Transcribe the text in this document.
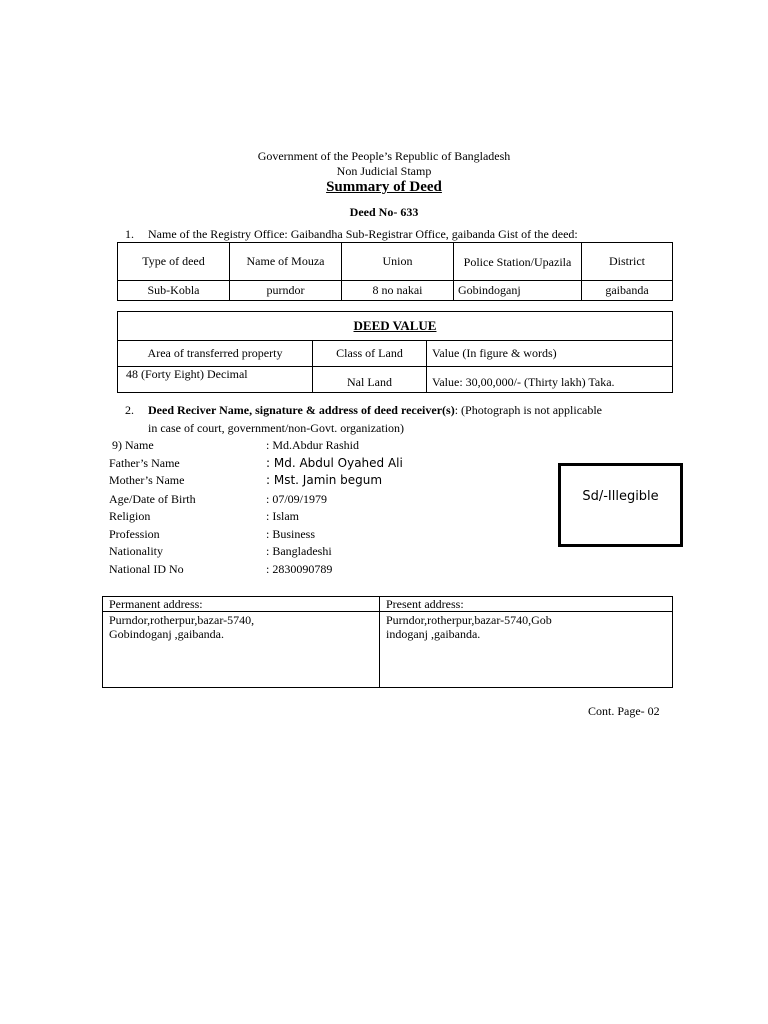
Government of the People’s Republic of Bangladesh
Non Judicial Stamp
Summary of Deed
Deed No- 633
1. Name of the Registry Office: Gaibandha Sub-Registrar Office, gaibanda Gist of the deed:
Type of deed	Name of Mouza	Union	Police Station/Upazila	District
Sub-Kobla	purndor	8 no nakai	Gobindoganj	gaibanda
DEED VALUE		
Area of transferred property	Class of Land	Value (In figure & words)
48 (Forty Eight) Decimal	Nal Land	Value: 30,00,000/- (Thirty lakh) Taka.
2. Deed Reciver Name, signature & address of deed receiver(s): (Photograph is not applicable
in case of court, government/non-Govt. organization)
9) Name	: Md.Abdur Rashid
Father’s Name	: Md. Abdul Oyahed Ali
Mother’s Name	: Mst. Jamin begum
Age/Date of Birth	: 07/09/1979
Religion	: Islam
Profession	: Business
Nationality	: Bangladeshi
National ID No	: 2830090789
Sd/-Illegible
Permanent address:	Present address:
Purndor,rotherpur,bazar-5740,Gobindoganj ,gaibanda.	Purndor,rotherpur,bazar-5740,Gobindoganj ,gaibanda.
Cont. Page- 02
